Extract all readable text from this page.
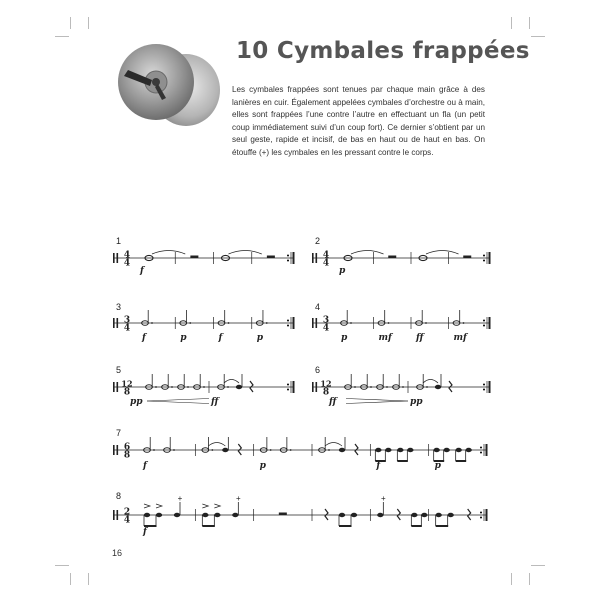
10 Cymbales frappées

Les cymbales frappées sont tenues par chaque main grâce à des lanières en cuir. Également appelées cymbales d’orchestre ou à main, elles sont frappées l’une contre l’autre en effectuant un fla (un petit coup immédiatement suivi d’un coup fort). Ce dernier s’obtient par un seul geste, rapide et incisif, de bas en haut ou de haut en bas. On étouffe (+) les cymbales en les pressant contre le corps.

1
4
4
f
2
4
4
p
3
3
4
f	p	f	p
4
3
4
p	mf	ff	mf
5
12
8
pp	ff
6
12
8
ff	pp
7
6
8
f	p	f	p
8
2
4
+	+	+
f
16
